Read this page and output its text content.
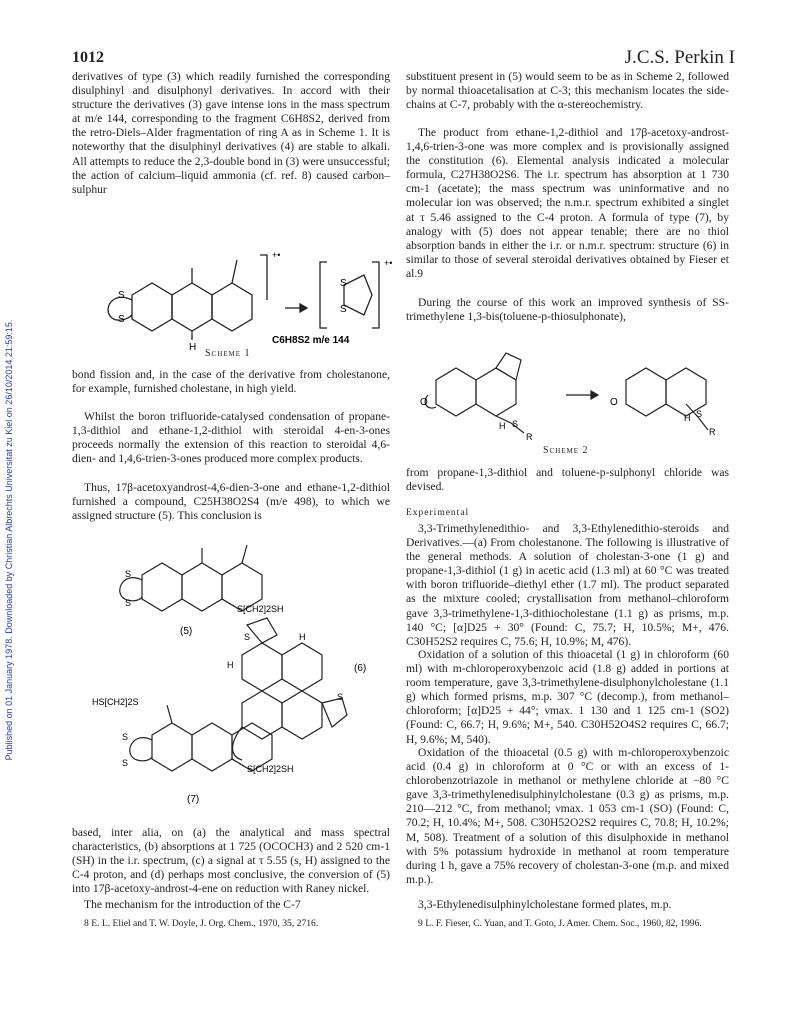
Published on 01 January 1978. Downloaded by Christian Albrechts Universitat zu Kiel on 26/10/2014 21:59:15.
1012	J.C.S. Perkin I

derivatives of type (3) which readily furnished the corresponding disulphinyl and disulphonyl derivatives. In accord with their structure the derivatives (3) gave intense ions in the mass spectrum at m/e 144, corresponding to the fragment C6H8S2, derived from the retro-Diels–Alder fragmentation of ring A as in Scheme 1. It is noteworthy that the disulphinyl derivatives (4) are stable to alkali. All attempts to reduce the 2,3-double bond in (3) were unsuccessful; the action of calcium–liquid ammonia (cf. ref. 8) caused carbon–sulphur

S
S
H
S
S
+•
+•
C6H8S2 m/e 144
Scheme 1

bond fission and, in the case of the derivative from cholestanone, for example, furnished cholestane, in high yield.

Whilst the boron trifluoride-catalysed condensation of propane-1,3-dithiol and ethane-1,2-dithiol with steroidal 4-en-3-ones proceeds normally the extension of this reaction to steroidal 4,6-dien- and 1,4,6-trien-3-ones produced more complex products.

Thus, 17β-acetoxyandrost-4,6-dien-3-one and ethane-1,2-dithiol furnished a compound, C25H38O2S4 (m/e 498), to which we assigned structure (5). This conclusion is

S
S
S[CH2]2SH
(5)	S
S
H
H	(6)
HS[CH2]2S
S
S
S[CH2]2SH
(7)

based, inter alia, on (a) the analytical and mass spectral characteristics, (b) absorptions at 1 725 (OCOCH3) and 2 520 cm-1 (SH) in the i.r. spectrum, (c) a signal at τ 5.55 (s, H) assigned to the C-4 proton, and (d) perhaps most conclusive, the conversion of (5) into 17β-acetoxy-androst-4-ene on reduction with Raney nickel.

The mechanism for the introduction of the C-7

8 E. L. Eliel and T. W. Doyle, J. Org. Chem., 1970, 35, 2716.

substituent present in (5) would seem to be as in Scheme 2, followed by normal thioacetalisation at C-3; this mechanism locates the side-chains at C-7, probably with the α-stereochemistry.

The product from ethane-1,2-dithiol and 17β-acetoxy-androst-1,4,6-trien-3-one was more complex and is provisionally assigned the constitution (6). Elemental analysis indicated a molecular formula, C27H38O2S6. The i.r. spectrum has absorption at 1 730 cm-1 (acetate); the mass spectrum was uninformative and no molecular ion was observed; the n.m.r. spectrum exhibited a singlet at τ 5.46 assigned to the C-4 proton. A formula of type (7), by analogy with (5) does not appear tenable; there are no thiol absorption bands in either the i.r. or n.m.r. spectrum: structure (6) in similar to those of several steroidal derivatives obtained by Fieser et al.9

During the course of this work an improved synthesis of SS-trimethylene 1,3-bis(toluene-p-thiosulphonate),

O
H S
R
O
H S
R
Scheme 2

from propane-1,3-dithiol and toluene-p-sulphonyl chloride was devised.

Experimental

3,3-Trimethylenedithio- and 3,3-Ethylenedithio-steroids and Derivatives.—(a) From cholestanone. The following is illustrative of the general methods. A solution of cholestan-3-one (1 g) and propane-1,3-dithiol (1 g) in acetic acid (1.3 ml) at 60 °C was treated with boron trifluoride–diethyl ether (1.7 ml). The product separated as the mixture cooled; crystallisation from methanol–chloroform gave 3,3-trimethylene-1,3-dithiocholestane (1.1 g) as prisms, m.p. 140 °C; [α]D25 + 30° (Found: C, 75.7; H, 10.5%; M+, 476. C30H52S2 requires C, 75.6; H, 10.9%; M, 476).

Oxidation of a solution of this thioacetal (1 g) in chloroform (60 ml) with m-chloroperoxybenzoic acid (1.8 g) added in portions at room temperature, gave 3,3-trimethylene-disulphonylcholestane (1.1 g) which formed prisms, m.p. 307 °C (decomp.), from methanol–chloroform; [α]D25 + 44°; νmax. 1 130 and 1 125 cm-1 (SO2) (Found: C, 66.7; H, 9.6%; M+, 540. C30H52O4S2 requires C, 66.7; H, 9.6%; M, 540).

Oxidation of the thioacetal (0.5 g) with m-chloroperoxybenzoic acid (0.4 g) in chloroform at 0 °C or with an excess of 1-chlorobenzotriazole in methanol or methylene chloride at −80 °C gave 3,3-trimethylenedisulphinylcholestane (0.3 g) as prisms, m.p. 210—212 °C, from methanol; νmax. 1 053 cm-1 (SO) (Found: C, 70.2; H, 10.4%; M+, 508. C30H52O2S2 requires C, 70.8; H, 10.2%; M, 508). Treatment of a solution of this disulphoxide in methanol with 5% potassium hydroxide in methanol at room temperature during 1 h, gave a 75% recovery of cholestan-3-one (m.p. and mixed m.p.).

3,3-Ethylenedisulphinylcholestane formed plates, m.p.

9 L. F. Fieser, C. Yuan, and T. Goto, J. Amer. Chem. Soc., 1960, 82, 1996.
